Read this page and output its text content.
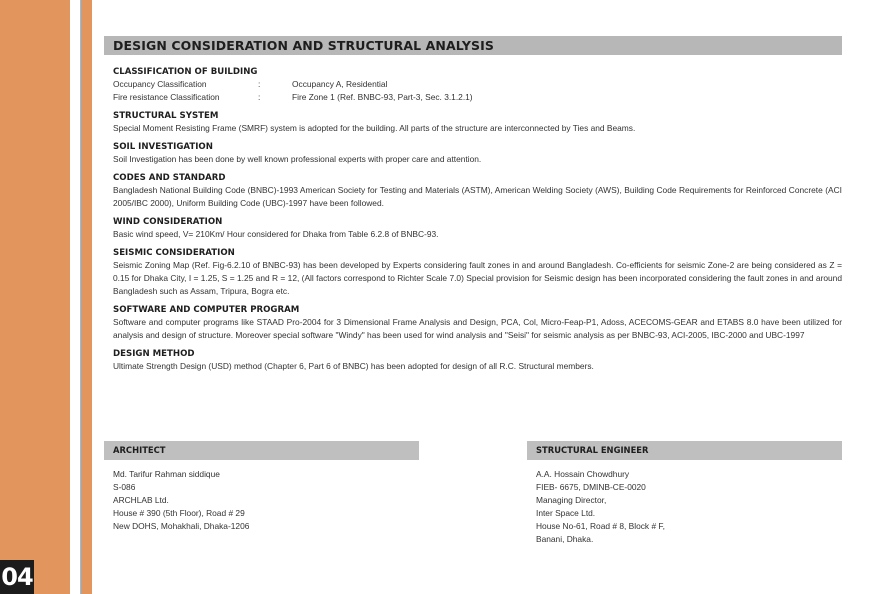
04
DESIGN CONSIDERATION AND STRUCTURAL ANALYSIS

CLASSIFICATION OF BUILDING

Occupancy Classification	:	Occupancy A, Residential
Fire resistance Classification	:	Fire Zone 1 (Ref. BNBC-93, Part-3, Sec. 3.1.2.1)

STRUCTURAL SYSTEM

Special Moment Resisting Frame (SMRF) system is adopted for the building. All parts of the structure are interconnected by Ties and Beams.

SOIL INVESTIGATION

Soil Investigation has been done by well known professional experts with proper care and attention.

CODES AND STANDARD

Bangladesh National Building Code (BNBC)-1993 American Society for Testing and Materials (ASTM), American Welding Society (AWS), Building Code Requirements for Reinforced Concrete (ACI 2005/IBC 2000), Uniform Building Code (UBC)-1997 have been followed.

WIND CONSIDERATION

Basic wind speed, V= 210Km/ Hour considered for Dhaka from Table 6.2.8 of BNBC-93.

SEISMIC CONSIDERATION

Seismic Zoning Map (Ref. Fig-6.2.10 of BNBC-93) has been developed by Experts considering fault zones in and around Bangladesh. Co-efficients for seismic Zone-2 are being considered as Z = 0.15 for Dhaka City, I = 1.25, S = 1.25 and R = 12, (All factors correspond to Richter Scale 7.0) Special provision for Seismic design has been incorporated considering the fault zones in and around Bangladesh such as Assam, Tripura, Bogra etc.

SOFTWARE AND COMPUTER PROGRAM

Software and computer programs like STAAD Pro-2004 for 3 Dimensional Frame Analysis and Design, PCA, Col, Micro-Feap-P1, Adoss, ACECOMS-GEAR and ETABS 8.0 have been utilized for analysis and design of structure. Moreover special software "Windy" has been used for wind analysis and "Seisi" for seismic analysis as per BNBC-93, ACI-2005, IBC-2000 and UBC-1997

DESIGN METHOD

Ultimate Strength Design (USD) method (Chapter 6, Part 6 of BNBC) has been adopted for design of all R.C. Structural members.

ARCHITECT
Md. Tarifur Rahman siddique
S-086
ARCHLAB Ltd.
House # 390 (5th Floor), Road # 29
New DOHS, Mohakhali, Dhaka-1206
STRUCTURAL ENGINEER
A.A. Hossain Chowdhury
FIEB- 6675, DMINB-CE-0020
Managing Director,
Inter Space Ltd.
House No-61, Road # 8, Block # F,
Banani, Dhaka.
